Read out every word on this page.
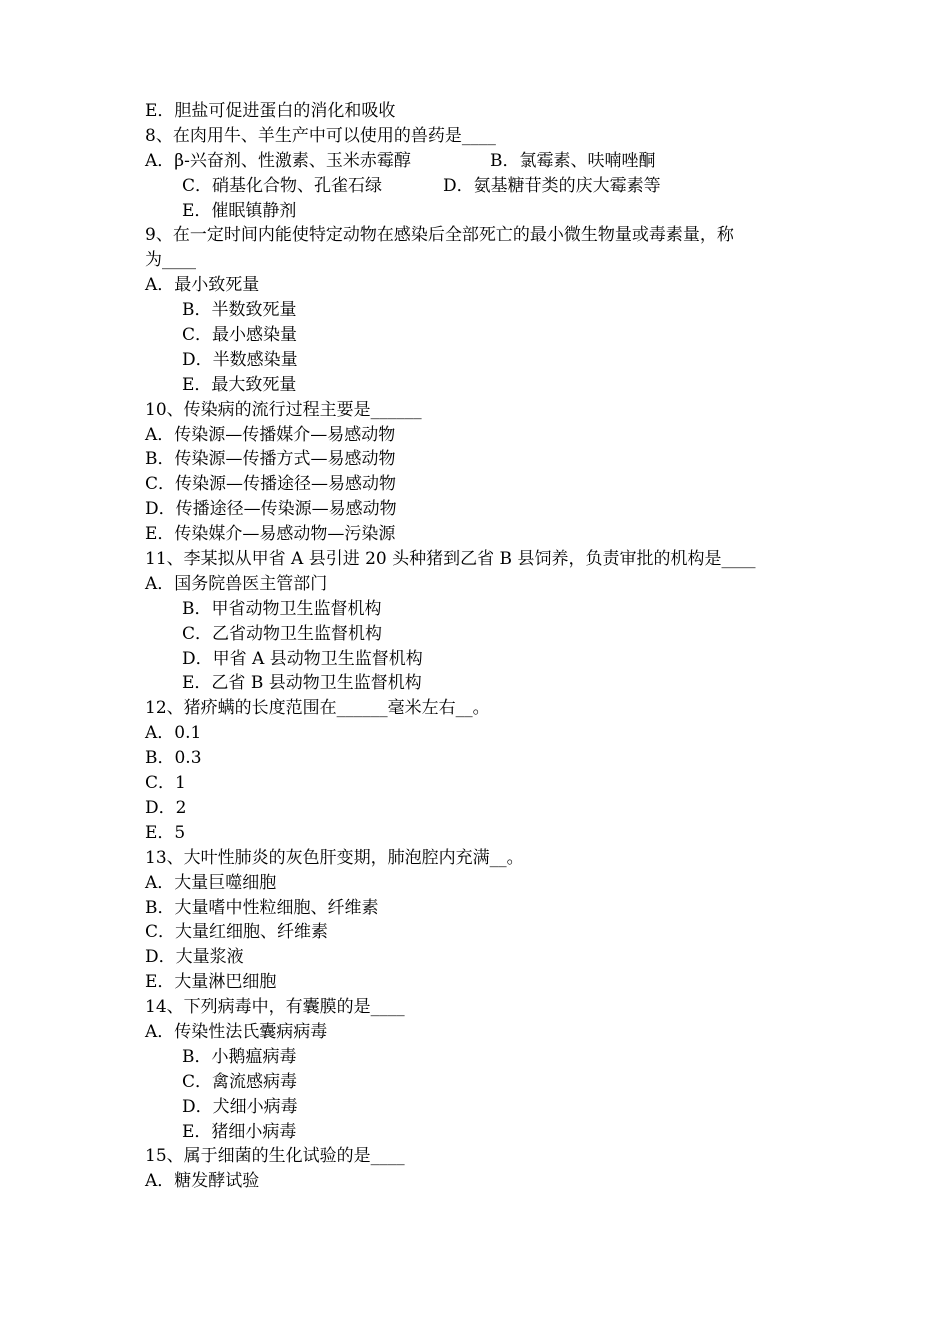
E．胆盐可促进蛋白的消化和吸收
8、在肉用牛、羊生产中可以使用的兽药是____
A．β-兴奋剂、性激素、玉米赤霉醇	B．氯霉素、呋喃唑酮
C．硝基化合物、孔雀石绿	D．氨基糖苷类的庆大霉素等
E．催眠镇静剂
9、在一定时间内能使特定动物在感染后全部死亡的最小微生物量或毒素量，称
为____
A．最小致死量
B．半数致死量
C．最小感染量
D．半数感染量
E．最大致死量
10、传染病的流行过程主要是______
A．传染源—传播媒介—易感动物
B．传染源—传播方式—易感动物
C．传染源—传播途径—易感动物
D．传播途径—传染源—易感动物
E．传染媒介—易感动物—污染源
11、李某拟从甲省 A 县引进 20 头种猪到乙省 B 县饲养，负责审批的机构是____
A．国务院兽医主管部门
B．甲省动物卫生监督机构
C．乙省动物卫生监督机构
D．甲省 A 县动物卫生监督机构
E．乙省 B 县动物卫生监督机构
12、猪疥螨的长度范围在______毫米左右__。
A．0.1
B．0.3
C．1
D．2
E．5
13、大叶性肺炎的灰色肝变期，肺泡腔内充满__。
A．大量巨噬细胞
B．大量嗜中性粒细胞、纤维素
C．大量红细胞、纤维素
D．大量浆液
E．大量淋巴细胞
14、下列病毒中，有囊膜的是____
A．传染性法氏囊病病毒
B．小鹅瘟病毒
C．禽流感病毒
D．犬细小病毒
E．猪细小病毒
15、属于细菌的生化试验的是____
A．糖发酵试验
